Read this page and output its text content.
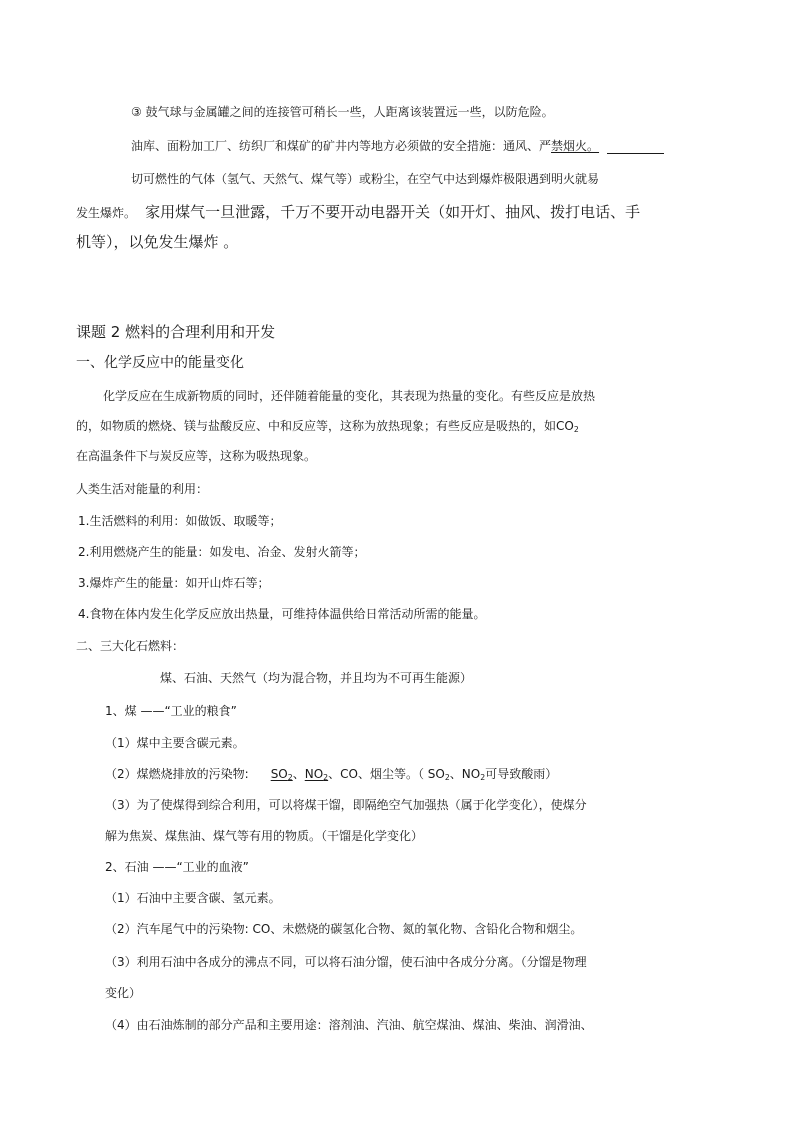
③ 鼓气球与金属罐之间的连接管可稍长一些，人距离该装置远一些，以防危险。
油库、面粉加工厂、纺织厂和煤矿的矿井内等地方必须做的安全措施：通风、严禁烟火。
切可燃性的气体（氢气、天然气、煤气等）或粉尘，在空气中达到爆炸极限遇到明火就易
发生爆炸。 家用煤气一旦泄露，千万不要开动电器开关（如开灯、抽风、拨打电话、手
机等），以免发生爆炸 。
课题 2 燃料的合理利用和开发
一、化学反应中的能量变化
化学反应在生成新物质的同时，还伴随着能量的变化，其表现为热量的变化。有些反应是放热
的，如物质的燃烧、镁与盐酸反应、中和反应等，这称为放热现象；有些反应是吸热的，如$CO_2$
在高温条件下与炭反应等，这称为吸热现象。
人类生活对能量的利用：
1.生活燃料的利用：如做饭、取暖等；
2.利用燃烧产生的能量：如发电、冶金、发射火箭等；
3.爆炸产生的能量：如开山炸石等；
4.食物在体内发生化学反应放出热量，可维持体温供给日常活动所需的能量。
二、三大化石燃料：
煤、石油、天然气（均为混合物，并且均为不可再生能源）
1、煤 ——“工业的粮食”
（1）煤中主要含碳元素。
（2）煤燃烧排放的污染物: $SO_2$、$NO_2$、CO、烟尘等。（ $SO_2$、$NO_2$可导致酸雨）
（3）为了使煤得到综合利用，可以将煤干馏，即隔绝空气加强热（属于化学变化），使煤分
解为焦炭、煤焦油、煤气等有用的物质。（干馏是化学变化）
2、石油 ——“工业的血液”
（1）石油中主要含碳、氢元素。
（2）汽车尾气中的污染物: CO、未燃烧的碳氢化合物、氮的氧化物、含铅化合物和烟尘。
（3）利用石油中各成分的沸点不同，可以将石油分馏，使石油中各成分分离。（分馏是物理
变化）
（4）由石油炼制的部分产品和主要用途：溶剂油、汽油、航空煤油、煤油、柴油、润滑油、
